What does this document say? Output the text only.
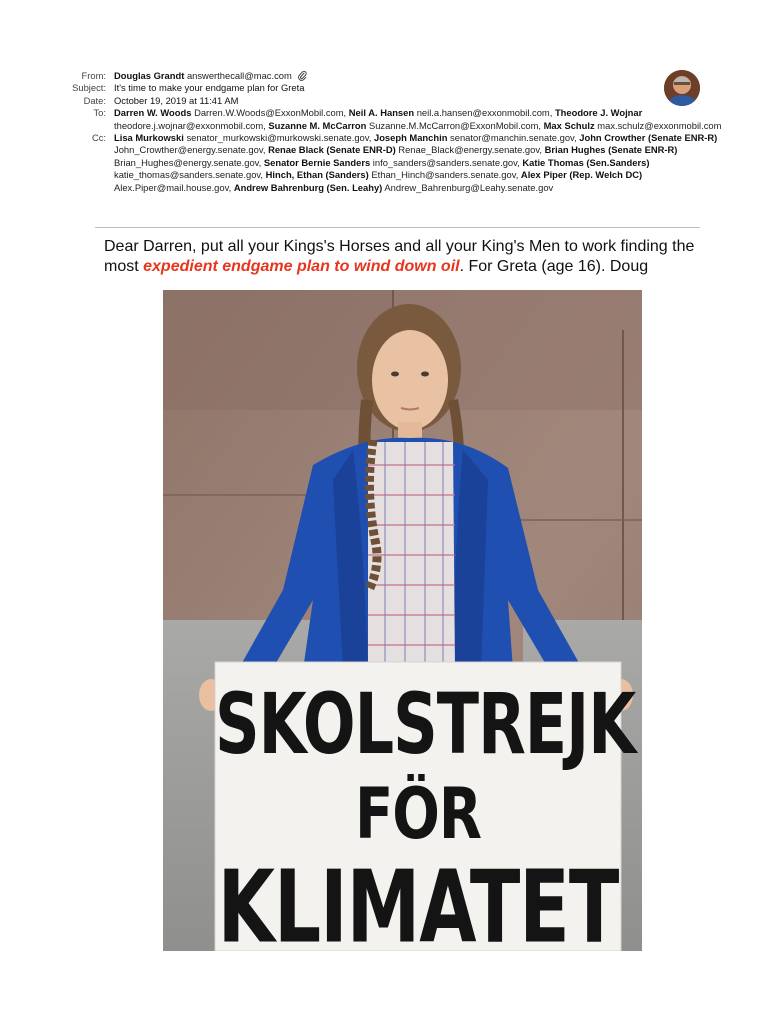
From: Douglas Grandt answerthecall@mac.com
Subject: It's time to make your endgame plan for Greta
Date: October 19, 2019 at 11:41 AM
To: Darren W. Woods Darren.W.Woods@ExxonMobil.com, Neil A. Hansen neil.a.hansen@exxonmobil.com, Theodore J. Wojnar theodore.j.wojnar@exxonmobil.com, Suzanne M. McCarron Suzanne.M.McCarron@ExxonMobil.com, Max Schulz max.schulz@exxonmobil.com
Cc: Lisa Murkowski senator_murkowski@murkowski.senate.gov, Joseph Manchin senator@manchin.senate.gov, John Crowther (Senate ENR-R) John_Crowther@energy.senate.gov, Renae Black (Senate ENR-D) Renae_Black@energy.senate.gov, Brian Hughes (Senate ENR-R) Brian_Hughes@energy.senate.gov, Senator Bernie Sanders info_sanders@sanders.senate.gov, Katie Thomas (Sen.Sanders) katie_thomas@sanders.senate.gov, Hinch, Ethan (Sanders) Ethan_Hinch@sanders.senate.gov, Alex Piper (Rep. Welch DC) Alex.Piper@mail.house.gov, Andrew Bahrenburg (Sen. Leahy) Andrew_Bahrenburg@Leahy.senate.gov
Dear Darren, put all your Kings's Horses and all your King's Men to work finding the most expedient endgame plan to wind down oil. For Greta (age 16). Doug
SKOLSTREJK
FÖR
KLIMATET
